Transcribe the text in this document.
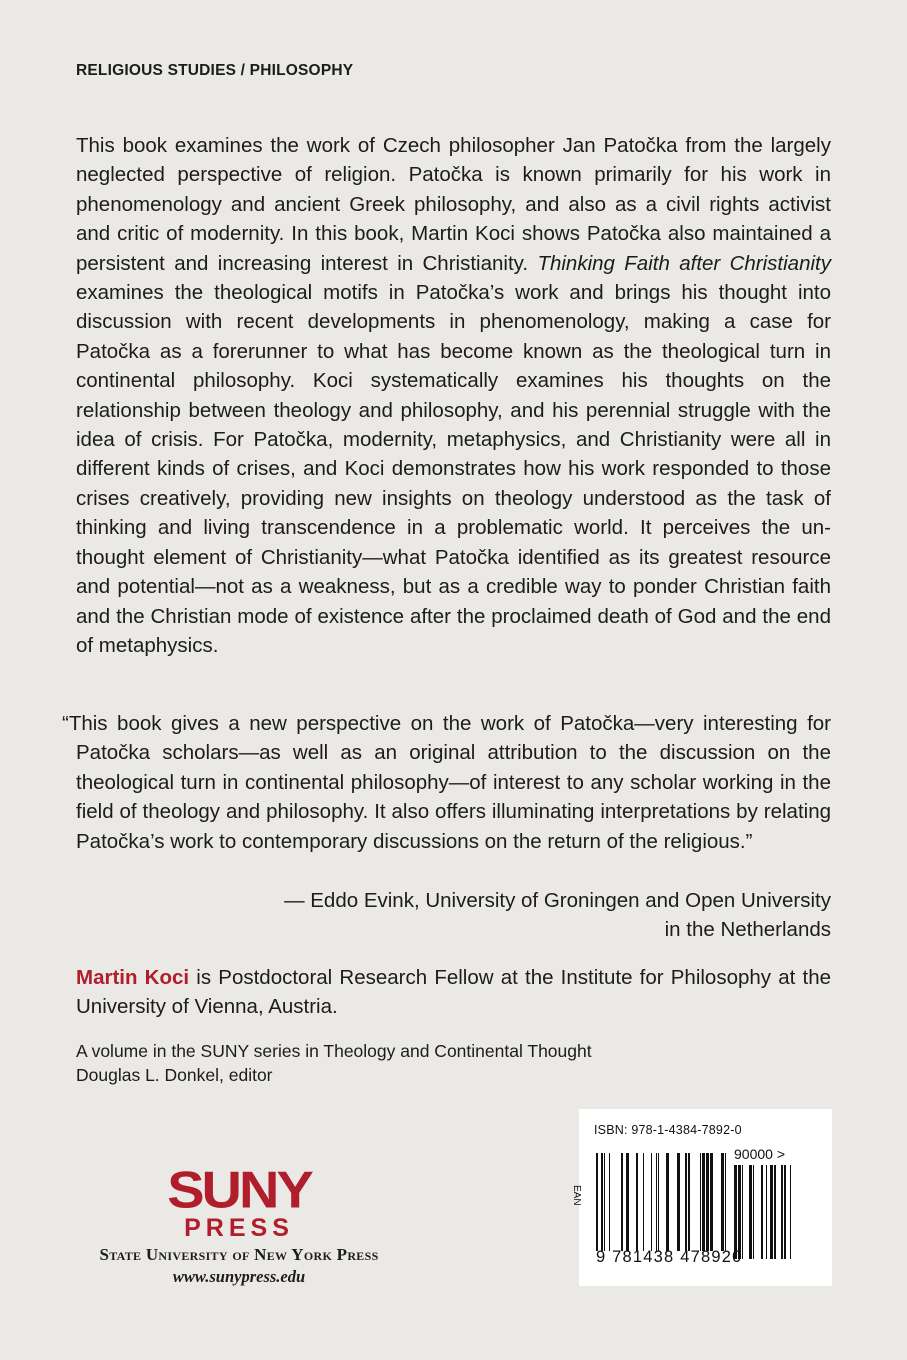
RELIGIOUS STUDIES / PHILOSOPHY

This book examines the work of Czech philosopher Jan Patočka from the largely neglected perspective of religion. Patočka is known primarily for his work in phenomenology and ancient Greek philosophy, and also as a civil rights activist and critic of modernity. In this book, Martin Koci shows Patočka also maintained a persistent and increasing interest in Christianity. Thinking Faith after Christianity examines the theological motifs in Patočka’s work and brings his thought into discussion with recent developments in phenomenology, making a case for Patočka as a forerunner to what has become known as the theological turn in continental philosophy. Koci systematically examines his thoughts on the relationship between theology and philosophy, and his perennial struggle with the idea of crisis. For Patočka, modernity, metaphysics, and Christianity were all in different kinds of crises, and Koci demonstrates how his work responded to those crises creatively, providing new insights on theology understood as the task of thinking and living transcendence in a problematic world. It perceives the un-thought element of Christianity—what Patočka identified as its greatest resource and potential—not as a weakness, but as a credible way to ponder Christian faith and the Christian mode of existence after the proclaimed death of God and the end of metaphysics.

“This book gives a new perspective on the work of Patočka—very interesting for Patočka scholars—as well as an original attribution to the discussion on the theological turn in continental philosophy—of interest to any scholar working in the field of theology and philosophy. It also offers illuminating interpretations by relating Patočka’s work to contemporary discussions on the return of the religious.”

— Eddo Evink, University of Groningen and Open University
in the Netherlands

Martin Koci is Postdoctoral Research Fellow at the Institute for Philosophy at the University of Vienna, Austria.

A volume in the SUNY series in Theology and Continental Thought
Douglas L. Donkel, editor
SUNY
PRESS
State University of New York Press
www.sunypress.edu
ISBN: 978-1-4384-7892-0
EAN
90000 >
9 781438 478920
